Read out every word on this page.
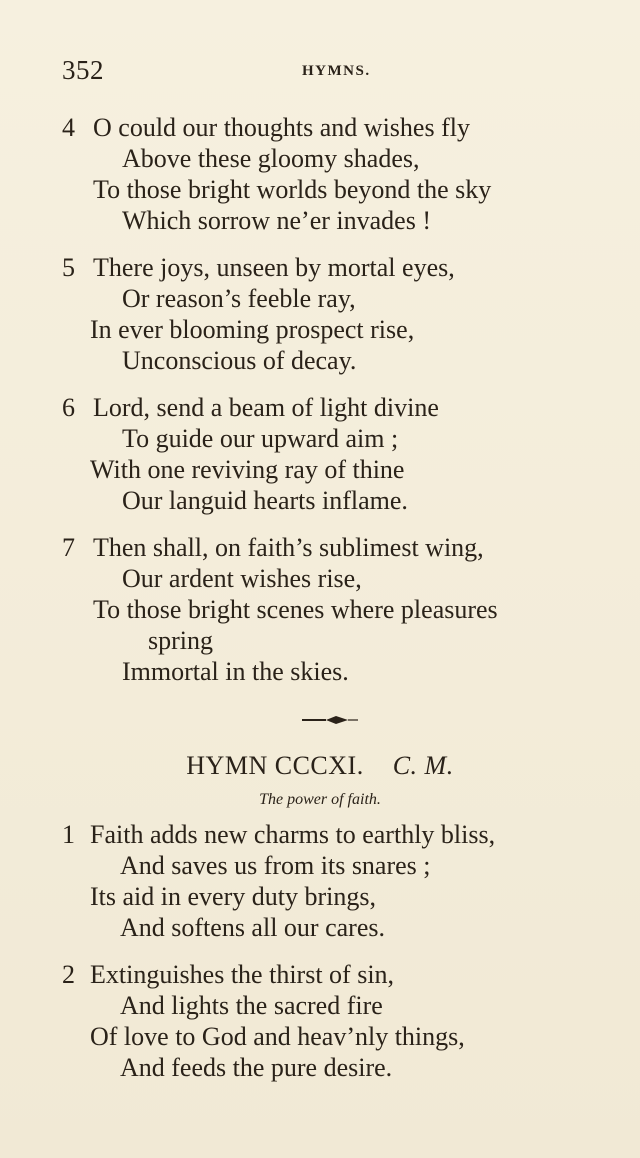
352	HYMNS.
4 O could our thoughts and wishes fly
Above these gloomy shades,
To those bright worlds beyond the sky
Which sorrow ne’er invades !
5 There joys, unseen by mortal eyes,
Or reason’s feeble ray,
In ever blooming prospect rise,
Unconscious of decay.
6 Lord, send a beam of light divine
To guide our upward aim ;
With one reviving ray of thine
Our languid hearts inflame.
7 Then shall, on faith’s sublimest wing,
Our ardent wishes rise,
To those bright scenes where pleasures
spring
Immortal in the skies.
HYMN CCCXI. C. M.
The power of faith.
1 Faith adds new charms to earthly bliss,
And saves us from its snares ;
Its aid in every duty brings,
And softens all our cares.
2 Extinguishes the thirst of sin,
And lights the sacred fire
Of love to God and heav’nly things,
And feeds the pure desire.
